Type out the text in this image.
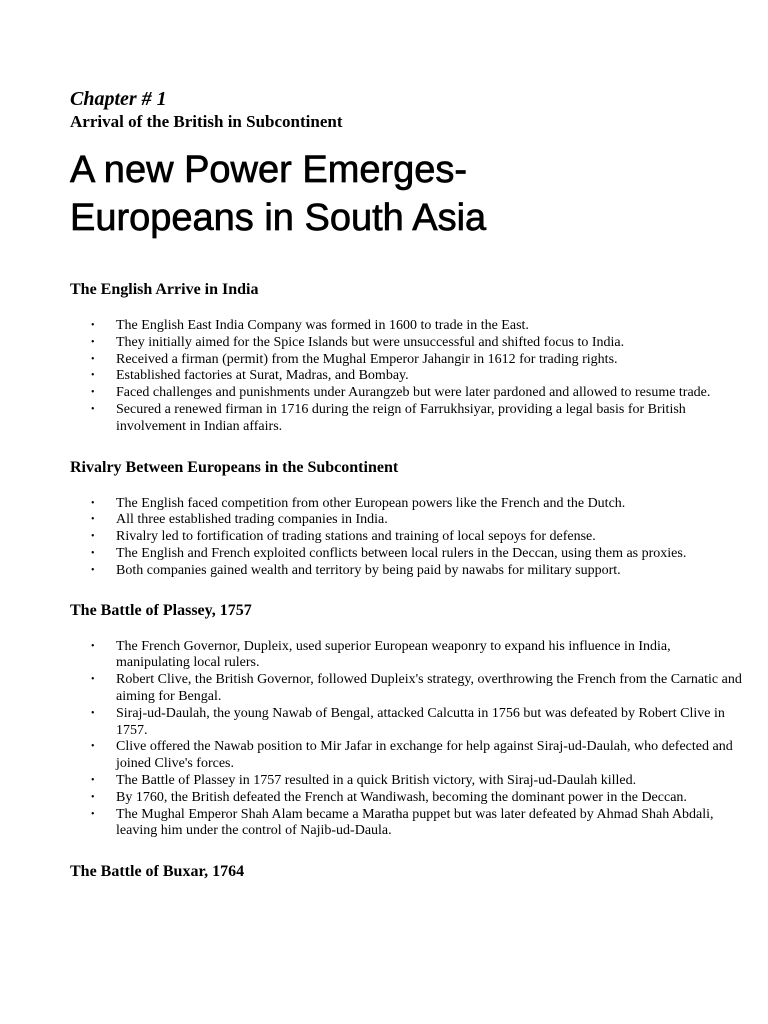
Chapter # 1

Arrival of the British in Subcontinent

A new Power Emerges-
Europeans in South Asia
The English Arrive in India
• The English East India Company was formed in 1600 to trade in the East.
• They initially aimed for the Spice Islands but were unsuccessful and shifted focus to India.
• Received a firman (permit) from the Mughal Emperor Jahangir in 1612 for trading rights.
• Established factories at Surat, Madras, and Bombay.
• Faced challenges and punishments under Aurangzeb but were later pardoned and allowed to resume trade.
• Secured a renewed firman in 1716 during the reign of Farrukhsiyar, providing a legal basis for British involvement in Indian affairs.
Rivalry Between Europeans in the Subcontinent
• The English faced competition from other European powers like the French and the Dutch.
• All three established trading companies in India.
• Rivalry led to fortification of trading stations and training of local sepoys for defense.
• The English and French exploited conflicts between local rulers in the Deccan, using them as proxies.
• Both companies gained wealth and territory by being paid by nawabs for military support.
The Battle of Plassey, 1757
• The French Governor, Dupleix, used superior European weaponry to expand his influence in India, manipulating local rulers.
• Robert Clive, the British Governor, followed Dupleix's strategy, overthrowing the French from the Carnatic and aiming for Bengal.
• Siraj-ud-Daulah, the young Nawab of Bengal, attacked Calcutta in 1756 but was defeated by Robert Clive in 1757.
• Clive offered the Nawab position to Mir Jafar in exchange for help against Siraj-ud-Daulah, who defected and joined Clive's forces.
• The Battle of Plassey in 1757 resulted in a quick British victory, with Siraj-ud-Daulah killed.
• By 1760, the British defeated the French at Wandiwash, becoming the dominant power in the Deccan.
• The Mughal Emperor Shah Alam became a Maratha puppet but was later defeated by Ahmad Shah Abdali, leaving him under the control of Najib-ud-Daula.
The Battle of Buxar, 1764
